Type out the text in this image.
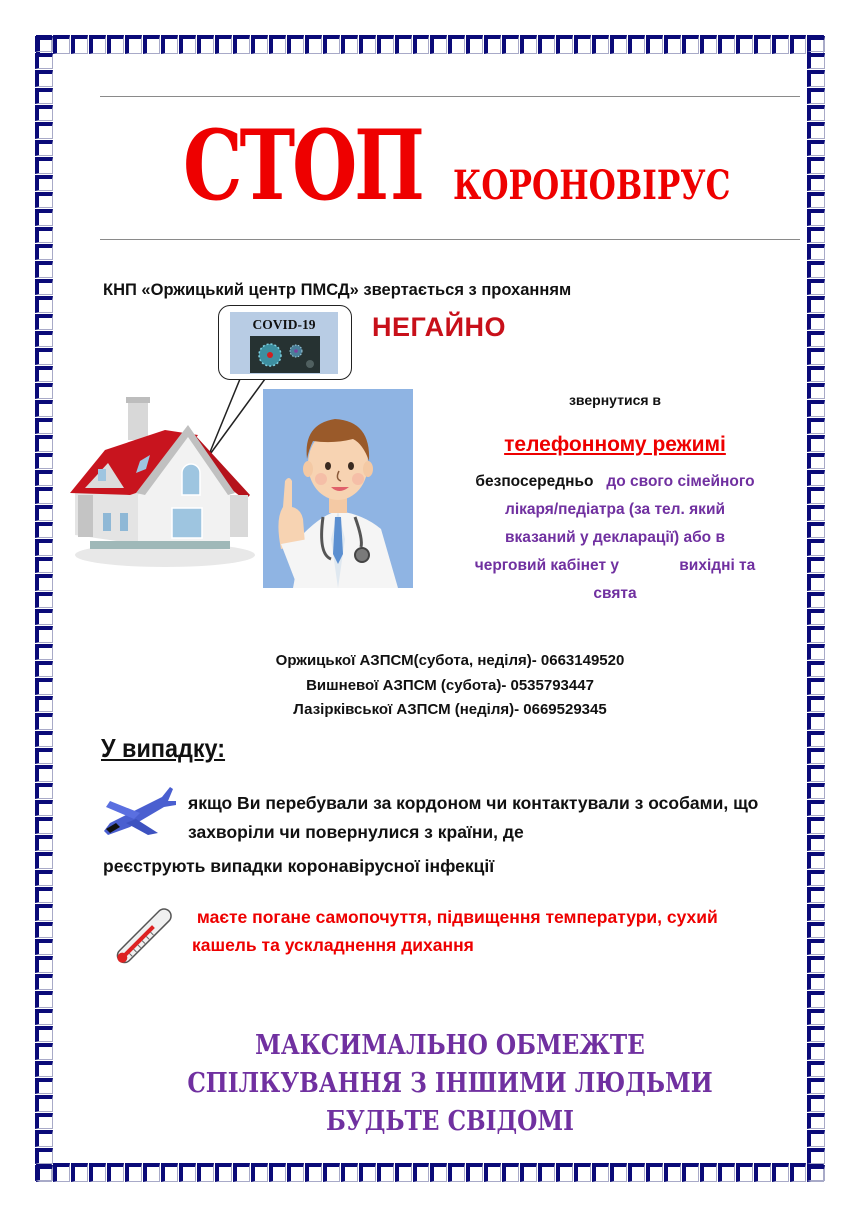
СТОП КОРОНОВІРУС
КНП «Оржицький центр ПМСД» звертається з проханням
НЕГАЙНО
COVID-19
звернутися в
телефонному режимі
безпосередньо до свого сімейного
лікаря/педіатра (за тел. який
вказаний у декларації) або в
черговий кабінет у              вихідні та
свята
Оржицької АЗПСМ(субота, неділя)- 0663149520
Вишневої АЗПСМ (субота)- 0535793447
Лазірківської АЗПСМ (неділя)- 0669529345
У випадку:
якщо Ви перебували за кордоном чи контактували з особами, що захворіли чи повернулися з країни, де
реєструють випадки коронавірусної інфекції
маєте погане самопочуття, підвищення температури, сухий кашель та ускладнення дихання
МАКСИМАЛЬНО ОБМЕЖТЕ
СПІЛКУВАННЯ З ІНШИМИ ЛЮДЬМИ
БУДЬТЕ СВІДОМІ
